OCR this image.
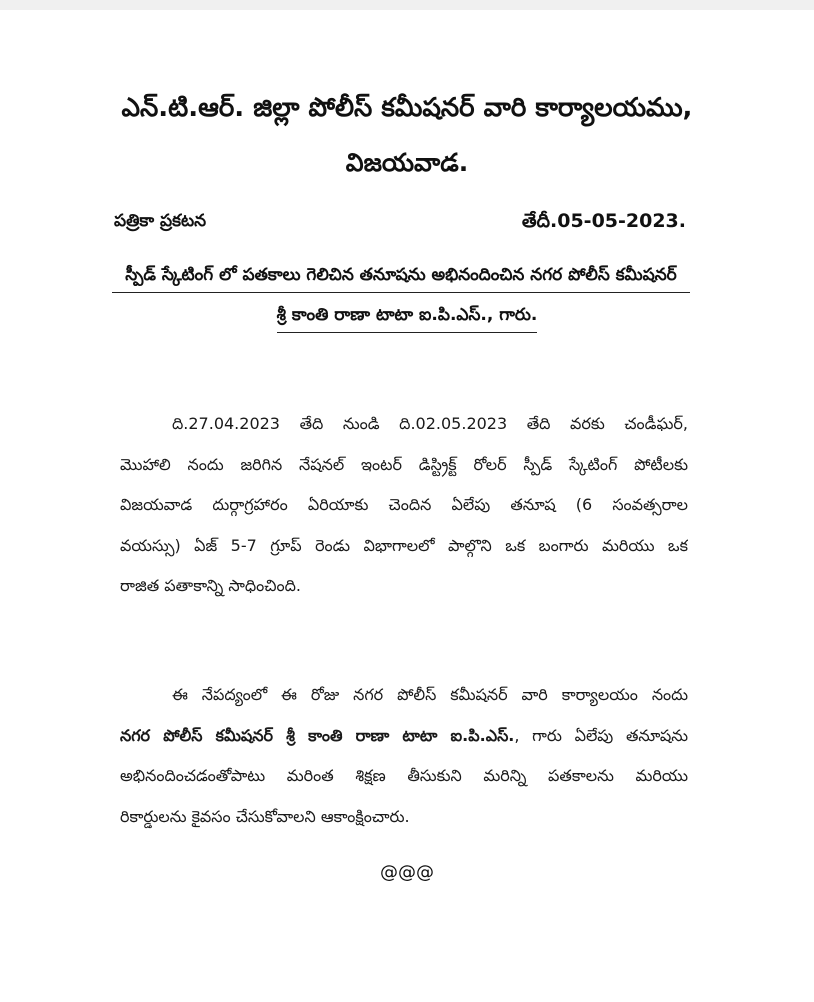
ఎన్.టి.ఆర్. జిల్లా పోలీస్ కమీషనర్ వారి కార్యాలయము,
విజయవాడ.
పత్రికా ప్రకటన	తేదీ.05-05-2023.
స్పీడ్ స్కేటింగ్ లో పతకాలు గెలిచిన తనూషను అభినందించిన నగర పోలీస్ కమీషనర్
శ్రీ కాంతి రాణా టాటా ఐ.పి.ఎస్., గారు.
ది.27.04.2023 తేది నుండి ది.02.05.2023 తేది వరకు చండీఘర్,
మొహాలి నందు జరిగిన నేషనల్ ఇంటర్ డిస్ట్రిక్ట్ రోలర్ స్పీడ్ స్కేటింగ్ పోటీలకు
విజయవాడ దుర్గాగ్రహారం ఏరియాకు చెందిన ఏలేపు తనూష (6 సంవత్సరాల
వయస్సు) ఏజ్ 5-7 గ్రూప్ రెండు విభాగాలలో పాల్గొని ఒక బంగారు మరియు ఒక
రాజిత పతాకాన్ని సాధించింది.
ఈ నేపద్యంలో ఈ రోజు నగర పోలీస్ కమీషనర్ వారి కార్యాలయం నందు
నగర పోలీస్ కమీషనర్ శ్రీ కాంతి రాణా టాటా ఐ.పి.ఎస్., గారు ఏలేపు తనూషను
అభినందించడంతోపాటు మరింత శిక్షణ తీసుకుని మరిన్ని పతకాలను మరియు
రికార్డులను కైవసం చేసుకోవాలని ఆకాంక్షించారు.
@@@
